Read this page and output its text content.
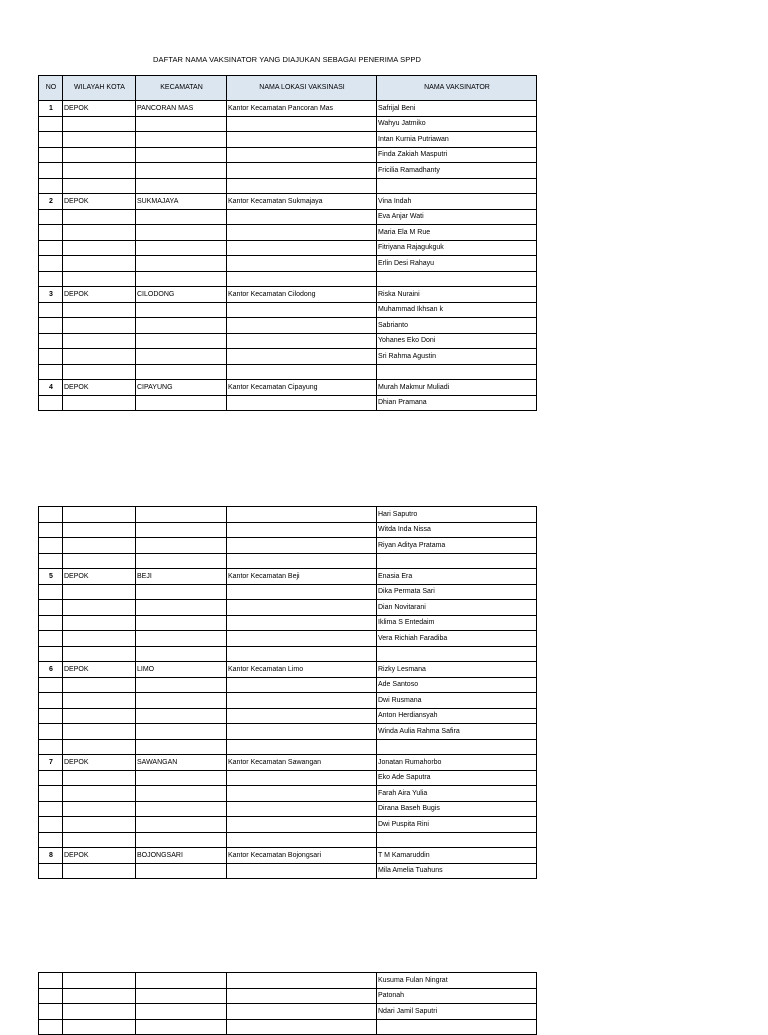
DAFTAR NAMA VAKSINATOR YANG DIAJUKAN SEBAGAI PENERIMA SPPD
NO	WILAYAH KOTA	KECAMATAN	NAMA LOKASI VAKSINASI	NAMA VAKSINATOR
1	DEPOK	PANCORAN MAS	Kantor Kecamatan Pancoran Mas	Safrijal Beni
				Wahyu Jatmiko
				Intan Kurnia Putriawan
				Finda Zakiah Masputri
				Fricilia Ramadhanty

2	DEPOK	SUKMAJAYA	Kantor Kecamatan Sukmajaya	Vina Indah
				Eva Anjar Wati
				Maria Ela M Rue
				Fitriyana Rajagukguk
				Erlin Desi Rahayu

3	DEPOK	CILODONG	Kantor Kecamatan Cilodong	Riska Nuraini
				Muhammad Ikhsan k
				Sabrianto
				Yohanes Eko Doni
				Sri Rahma Agustin

4	DEPOK	CIPAYUNG	Kantor Kecamatan Cipayung	Murah Makmur Muliadi
				Dhian Pramana
				Hari Saputro
				Witda Inda Nissa
				Riyan Aditya Pratama

5	DEPOK	BEJI	Kantor Kecamatan Beji	Enasia Era
				Dika Permata Sari
				Dian Novitarani
				Iklima S Entedaim
				Vera Richiah Faradiba

6	DEPOK	LIMO	Kantor Kecamatan Limo	Rizky Lesmana
				Ade Santoso
				Dwi Rusmana
				Anton Herdiansyah
				Winda Aulia Rahma Safira

7	DEPOK	SAWANGAN	Kantor Kecamatan Sawangan	Jonatan Rumahorbo
				Eko Ade Saputra
				Farah Aira Yulia
				Dirana Baseh Bugis
				Dwi Puspita Rini

8	DEPOK	BOJONGSARI	Kantor Kecamatan Bojongsari	T M Kamaruddin
				Mila Amelia Tuahuns
				Kusuma Fulan Ningrat
				Patonah
				Ndari Jamil Saputri
